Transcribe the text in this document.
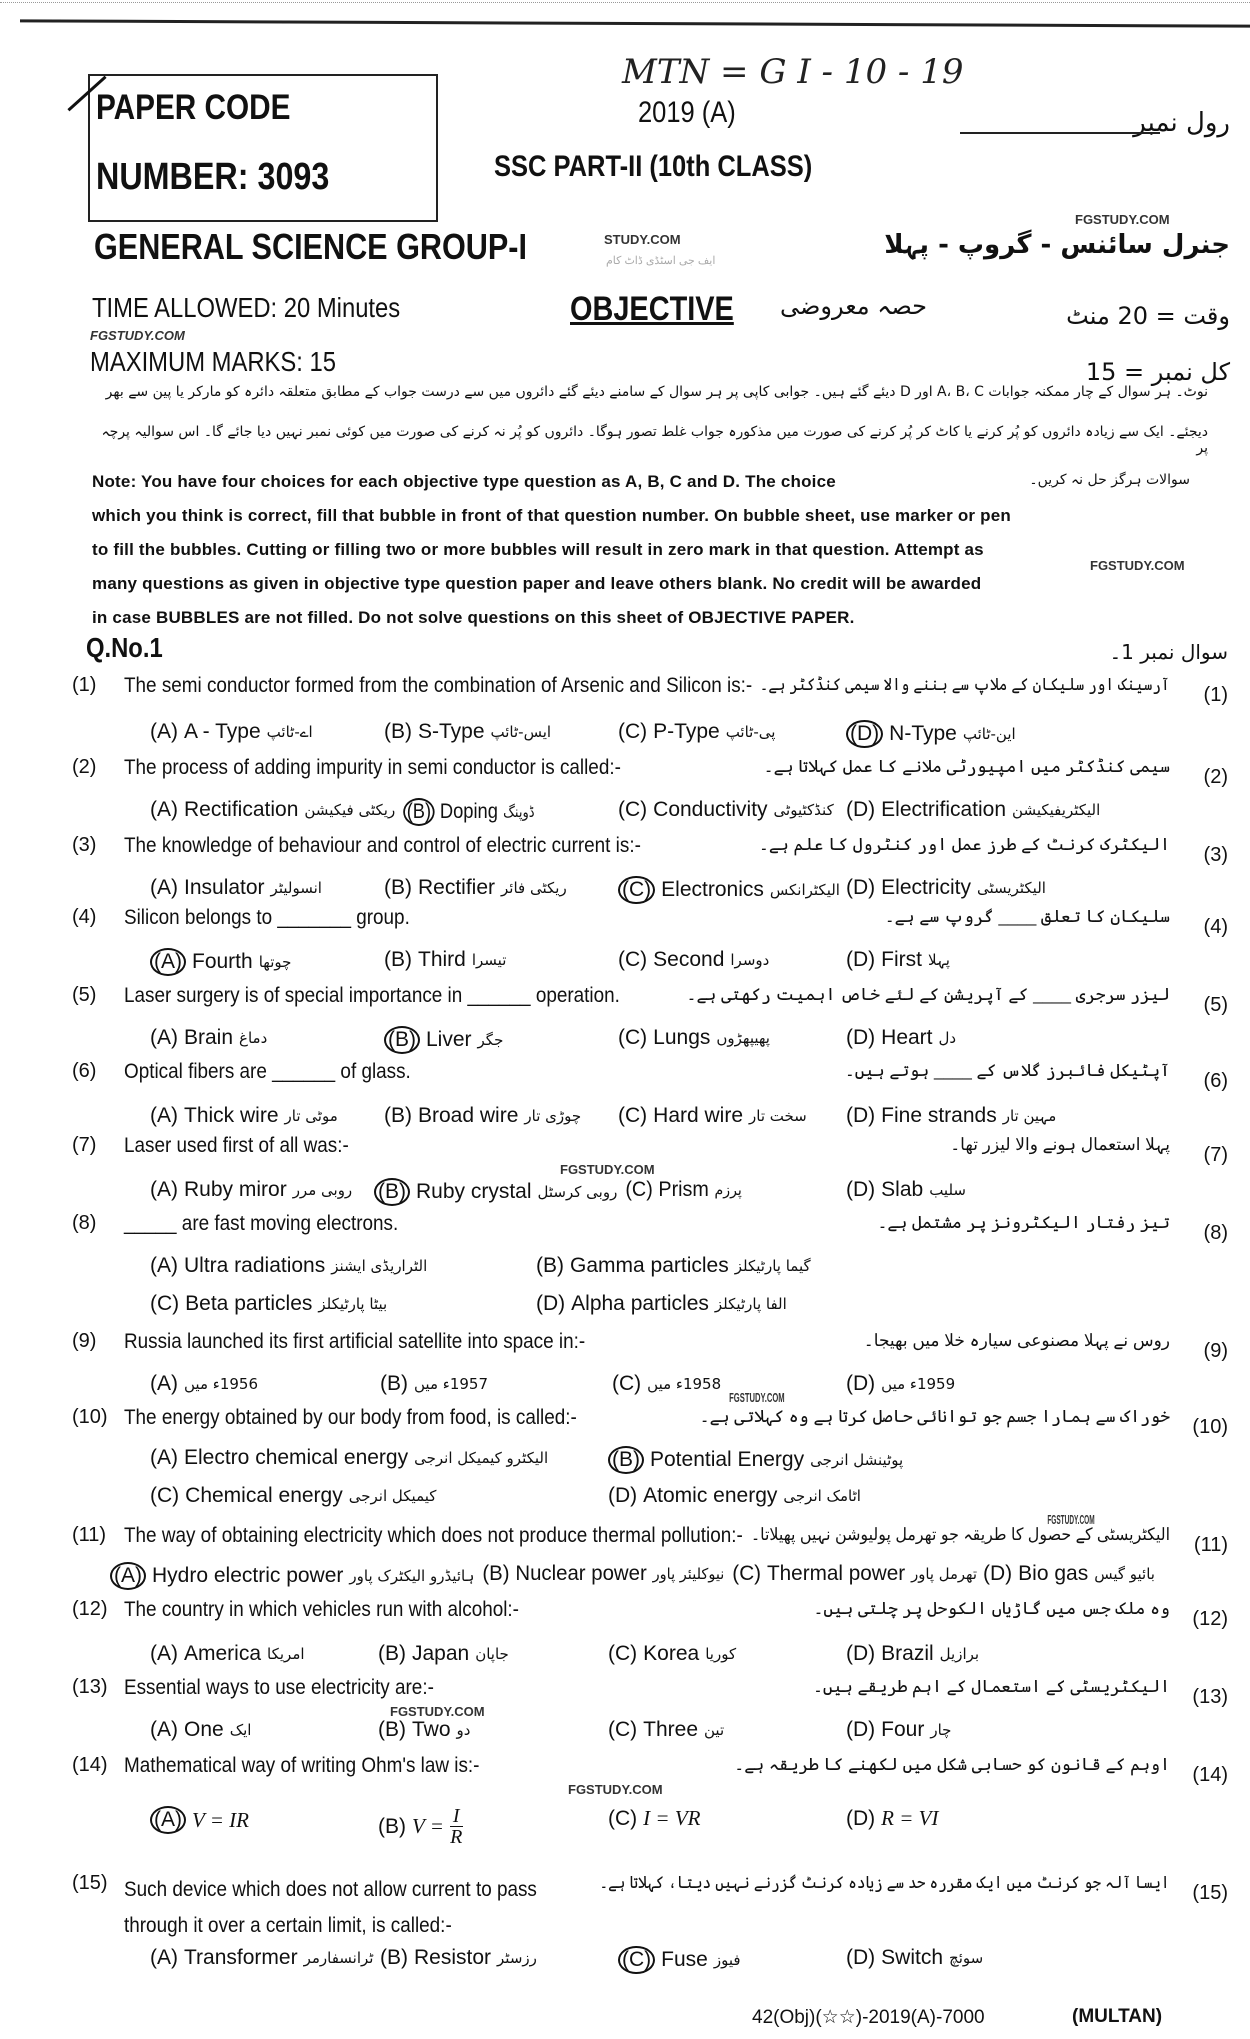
MTN = G I - 10 - 19
PAPER CODE
NUMBER: 3093
2019 (A)
SSC PART-II (10th CLASS)
رول نمبر
GENERAL SCIENCE GROUP-I	جنرل سائنس - گروپ - پہلا
TIME ALLOWED: 20 Minutes	OBJECTIVE حصہ معروضی	وقت = 20 منٹ
MAXIMUM MARKS: 15	کل نمبر = 15
FGSTUDY.COM
STUDY.COM
FGSTUDY.COM
ایف جی اسٹڈی ڈاٹ کام
نوٹ۔ ہر سوال کے چار ممکنہ جوابات A، B، C اور D دیئے گئے ہیں۔ جوابی کاپی پر ہر سوال کے سامنے دیئے گئے دائروں میں سے درست جواب کے مطابق متعلقہ دائرہ کو مارکر یا پین سے بھر
دیجئے۔ ایک سے زیادہ دائروں کو پُر کرنے یا کاٹ کر پُر کرنے کی صورت میں مذکورہ جواب غلط تصور ہوگا۔ دائروں کو پُر نہ کرنے کی صورت میں کوئی نمبر نہیں دیا جائے گا۔ اس سوالیہ پرچہ پر
سوالات ہرگز حل نہ کریں۔
Note: You have four choices for each objective type question as A, B, C and D. The choice
which you think is correct, fill that bubble in front of that question number. On bubble sheet, use marker or pen
to fill the bubbles. Cutting or filling two or more bubbles will result in zero mark in that question. Attempt as
many questions as given in objective type question paper and leave others blank. No credit will be awarded
in case BUBBLES are not filled. Do not solve questions on this sheet of OBJECTIVE PAPER.
FGSTUDY.COM
Q.No.1	سوال نمبر 1۔
(1) The semi conductor formed from the combination of Arsenic and Silicon is:- آرسینک اور سلیکان کے ملاپ سے بننے والا سیمی کنڈکٹر ہے۔ (1)
(A) A - Type اے-ٹائپ	(B) S-Type ایس-ٹائپ	(C) P-Type پی-ٹائپ	(D) N-Type این-ٹائپ
(2) The process of adding impurity in semi conductor is called:-	سیمی کنڈکٹر میں امپیورٹی ملانے کا عمل کہلاتا ہے۔ (2)
(A) Rectification ریکٹی فیکیشن (B) Doping ڈوپنگ	(C) Conductivity کنڈکٹیوٹی (D) Electrification الیکٹریفیکیشن
(3) The knowledge of behaviour and control of electric current is:-	الیکٹرک کرنٹ کے طرز عمل اور کنٹرول کا علم ہے۔ (3)
(A) Insulator انسولیٹر	(B) Rectifier ریکٹی فائر	(C) Electronics الیکٹرانکس (D) Electricity الیکٹریسٹی
(4) Silicon belongs to _______ group.	سلیکان کا تعلق ____ گروپ سے ہے۔ (4)
(A) Fourth چوتھا	(B) Third تیسرا	(C) Second دوسرا	(D) First پہلا
(5) Laser surgery is of special importance in ______ operation.	لیزر سرجری ____ کے آپریشن کے لئے خاص اہمیت رکھتی ہے۔ (5)
(A) Brain دماغ	(B) Liver جگر	(C) Lungs پھیپھڑوں	(D) Heart دل
(6) Optical fibers are ______ of glass.	آپٹیکل فائبرز گلاس کے ____ ہوتے ہیں۔ (6)
(A) Thick wire موٹی تار (B) Broad wire چوڑی تار (C) Hard wire سخت تار (D) Fine strands مہین تار
(7) Laser used first of all was:-	پہلا استعمال ہونے والا لیزر تھا۔ (7)
(A) Ruby miror روبی مرر (B) Ruby crystal روبی کرسٹل (C) Prism پرزم	(D) Slab سلیب
(8) _____ are fast moving electrons.	تیز رفتار الیکٹرونز پر مشتمل ہے۔ (8)
(A) Ultra radiations الٹراریڈی ایشنز	(B) Gamma particles گیما پارٹیکلز
(C) Beta particles بیٹا پارٹیکلز	(D) Alpha particles الفا پارٹیکلز
(9) Russia launched its first artificial satellite into space in:-	روس نے پہلا مصنوعی سیارہ خلا میں بھیجا۔ (9)
(A) 1956ء میں	(B) 1957ء میں	(C) 1958ء میں	(D) 1959ء میں
(10) The energy obtained by our body from food, is called:-	خوراک سے ہمارا جسم جو توانائی حاصل کرتا ہے وہ کہلاتی ہے۔ (10)
(A) Electro chemical energy الیکٹرو کیمیکل انرجی	(B) Potential Energy پوٹینشل انرجی
(C) Chemical energy کیمیکل انرجی	(D) Atomic energy اٹامک انرجی
(11) The way of obtaining electricity which does not produce thermal pollution:- الیکٹریسٹی کے حصول کا طریقہ جو تھرمل پولیوشن نہیں پھیلاتا۔ (11)
(A) Hydro electric power ہائیڈرو الیکٹرک پاور (B) Nuclear power نیوکلیئر پاور (C) Thermal power تھرمل پاور (D) Bio gas بائیو گیس
(12) The country in which vehicles run with alcohol:-	وہ ملک جس میں گاڑیاں الکوحل پر چلتی ہیں۔ (12)
(A) America امریکا	(B) Japan جاپان	(C) Korea کوریا	(D) Brazil برازیل
(13) Essential ways to use electricity are:-	الیکٹریسٹی کے استعمال کے اہم طریقے ہیں۔ (13)
(A) One ایک	(B) Two دو	(C) Three تین	(D) Four چار
(14) Mathematical way of writing Ohm's law is:-	اوہم کے قانون کو حسابی شکل میں لکھنے کا طریقہ ہے۔ (14)
(A) V = IR	(B) $V = \frac{I}{R}$	(C) I = VR	(D) R = VI
(15) Such device which does not allow current to pass through it over a certain limit, is called:-
ایسا آلہ جو کرنٹ میں ایک مقررہ حد سے زیادہ کرنٹ گزرنے نہیں دیتا، کہلاتا ہے۔ (15)
(A) Transformer ٹرانسفارمر (B) Resistor رزسٹر	(C) Fuse فیوز	(D) Switch سوئچ
FGSTUDY.COM
FGSTUDY.COM
FGSTUDY.COM
FGSTUDY.COM
FGSTUDY.COM
42(Obj)(☆☆)-2019(A)-7000	(MULTAN)
